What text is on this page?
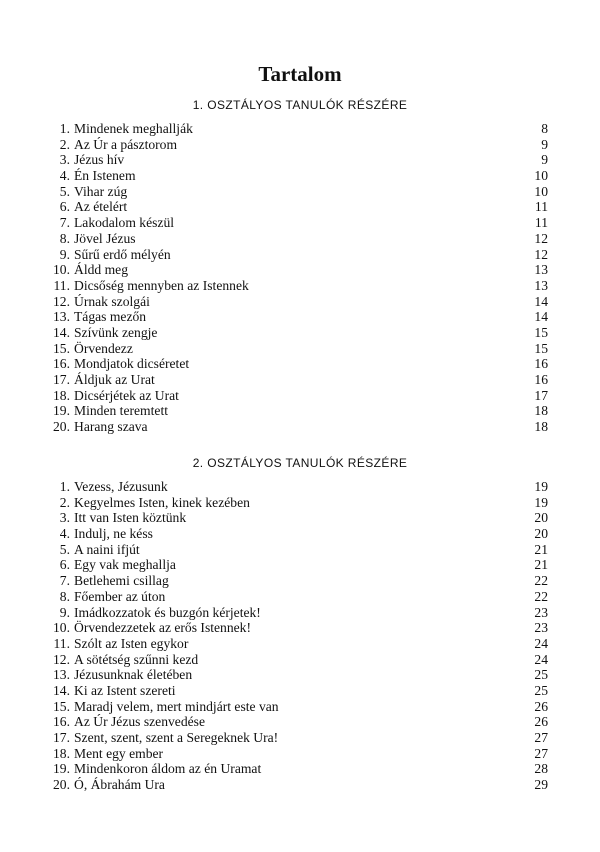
Tartalom
1. OSZTÁLYOS TANULÓK RÉSZÉRE
1. Mindenek meghallják	8
2. Az Úr a pásztorom	9
3. Jézus hív	9
4. Én Istenem	10
5. Vihar zúg	10
6. Az ételért	11
7. Lakodalom készül	11
8. Jövel Jézus	12
9. Sűrű erdő mélyén	12
10. Áldd meg	13
11. Dicsőség mennyben az Istennek	13
12. Úrnak szolgái	14
13. Tágas mezőn	14
14. Szívünk zengje	15
15. Örvendezz	15
16. Mondjatok dicséretet	16
17. Áldjuk az Urat	16
18. Dicsérjétek az Urat	17
19. Minden teremtett	18
20. Harang szava	18
2. OSZTÁLYOS TANULÓK RÉSZÉRE
1. Vezess, Jézusunk	19
2. Kegyelmes Isten, kinek kezében	19
3. Itt van Isten köztünk	20
4. Indulj, ne késs	20
5. A naini ifjút	21
6. Egy vak meghallja	21
7. Betlehemi csillag	22
8. Főember az úton	22
9. Imádkozzatok és buzgón kérjetek!	23
10. Örvendezzetek az erős Istennek!	23
11. Szólt az Isten egykor	24
12. A sötétség szűnni kezd	24
13. Jézusunknak életében	25
14. Ki az Istent szereti	25
15. Maradj velem, mert mindjárt este van	26
16. Az Úr Jézus szenvedése	26
17. Szent, szent, szent a Seregeknek Ura!	27
18. Ment egy ember	27
19. Mindenkoron áldom az én Uramat	28
20. Ó, Ábrahám Ura	29
